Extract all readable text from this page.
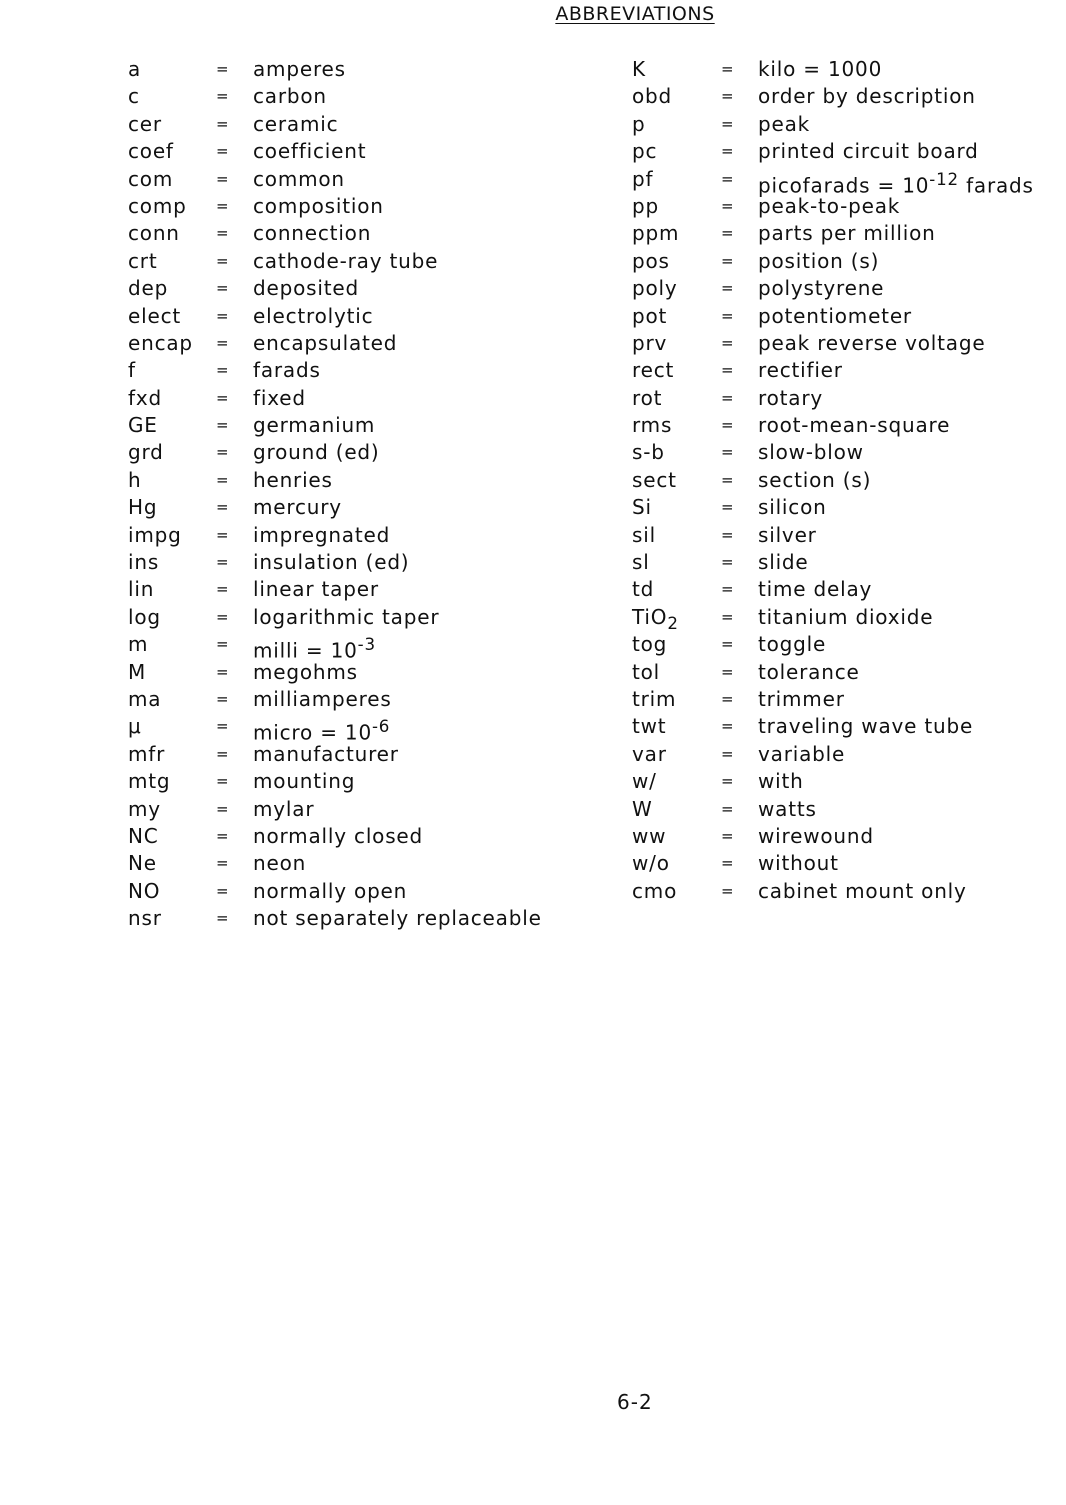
ABBREVIATIONS
a	= amperes
c	= carbon
cer	= ceramic
coef	= coefficient
com	= common
comp = composition
conn = connection
crt	= cathode-ray tube
dep	= deposited
elect = electrolytic
encap = encapsulated
f	= farads
fxd	= fixed
GE	= germanium
grd	= ground (ed)
h	= henries
Hg	= mercury
impg = impregnated
ins	= insulation (ed)
lin	= linear taper
log	= logarithmic taper
m	= milli = $10^{-3}$
M	= megohms
ma	= milliamperes
μ	= micro = $10^{-6}$
mfr	= manufacturer
mtg	= mounting
my	= mylar
NC	= normally closed
Ne	= neon
NO	= normally open
nsr	= not separately replaceable
K	= kilo = 1000
obd	= order by description
p	= peak
pc	= printed circuit board
pf	= picofarads = $10^{-12}$ farads
pp	= peak-to-peak
ppm	= parts per million
pos	= position (s)
poly	= polystyrene
pot	= potentiometer
prv	= peak reverse voltage
rect	= rectifier
rot	= rotary
rms	= root-mean-square
s-b	= slow-blow
sect	= section (s)
Si	= silicon
sil	= silver
sl	= slide
td	= time delay
TiO$_2$	= titanium dioxide
tog	= toggle
tol	= tolerance
trim	= trimmer
twt	= traveling wave tube
var	= variable
w/	= with
W	= watts
ww	= wirewound
w/o	= without
cmo	= cabinet mount only
6-2
